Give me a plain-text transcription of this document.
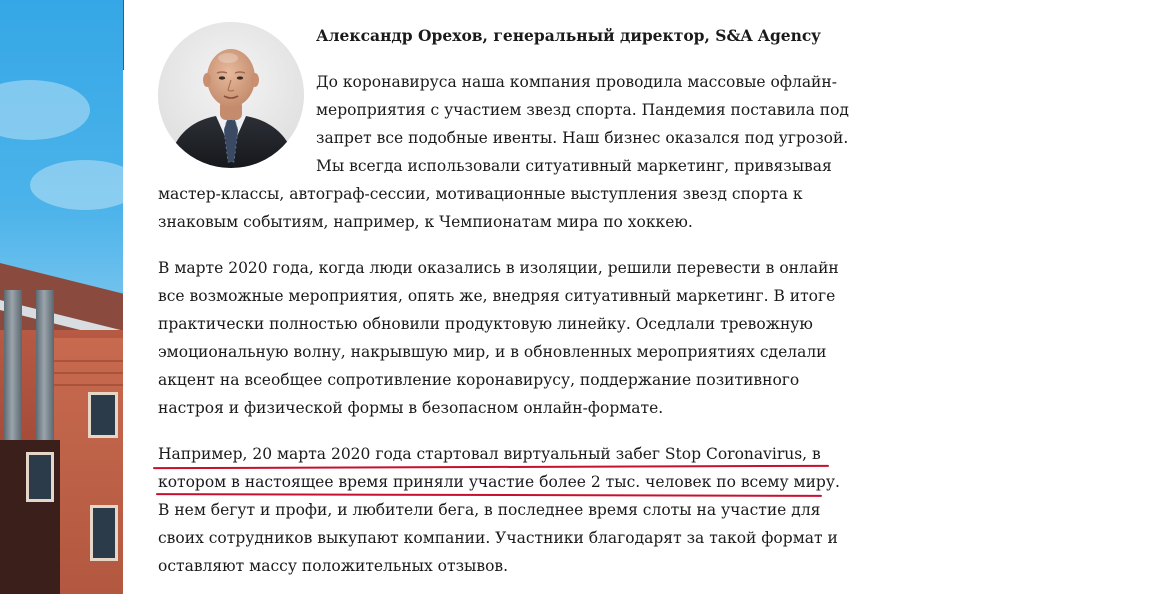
Александр Орехов, генеральный директор, S&A Agency
До коронавируса наша компания проводила массовые офлайн-
мероприятия с участием звезд спорта. Пандемия поставила под
запрет все подобные ивенты. Наш бизнес оказался под угрозой.
Мы всегда использовали ситуативный маркетинг, привязывая
мастер-классы, автограф-сессии, мотивационные выступления звезд спорта к
знаковым событиям, например, к Чемпионатам мира по хоккею.
В марте 2020 года, когда люди оказались в изоляции, решили перевести в онлайн
все возможные мероприятия, опять же, внедряя ситуативный маркетинг. В итоге
практически полностью обновили продуктовую линейку. Оседлали тревожную
эмоциональную волну, накрывшую мир, и в обновленных мероприятиях сделали
акцент на всеобщее сопротивление коронавирусу, поддержание позитивного
настроя и физической формы в безопасном онлайн-формате.
Например, 20 марта 2020 года стартовал виртуальный забег Stop Coronavirus, в
котором в настоящее время приняли участие более 2 тыс. человек по всему миру.
В нем бегут и профи, и любители бега, в последнее время слоты на участие для
своих сотрудников выкупают компании. Участники благодарят за такой формат и
оставляют массу положительных отзывов.
